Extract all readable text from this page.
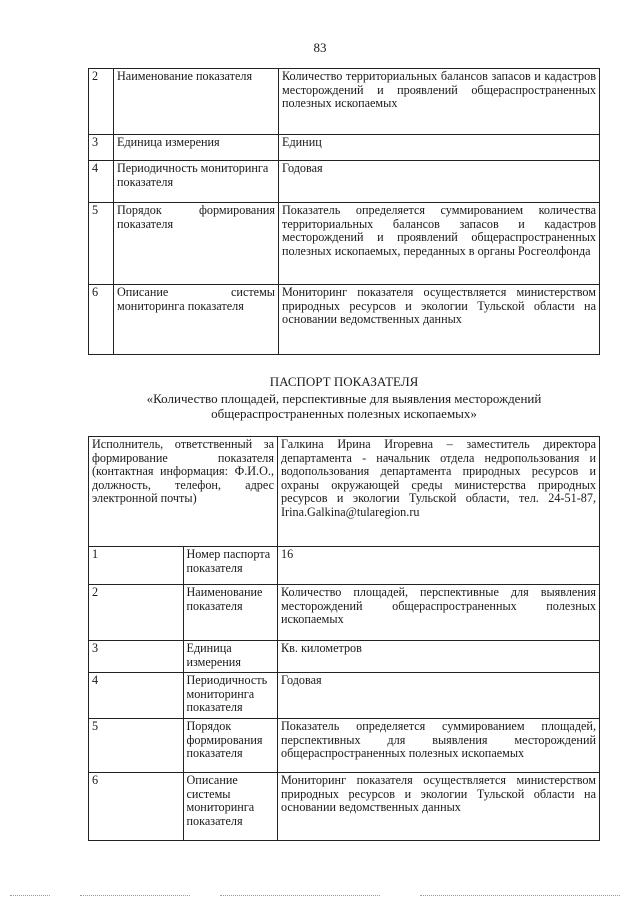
83
2	Наименование показателя	Количество территориальных балансов запасов и кадастров месторождений и проявлений общераспространенных полезных ископаемых
3	Единица измерения	Единиц
4	Периодичность мониторинга показателя	Годовая
5	Порядок формирования показателя	Показатель определяется суммированием количества территориальных балансов запасов и кадастров месторождений и проявлений общераспространенных полезных ископаемых, переданных в органы Росгеолфонда
6	Описание системы мониторинга показателя	Мониторинг показателя осуществляется министерством природных ресурсов и экологии Тульской области на основании ведомственных данных
ПАСПОРТ ПОКАЗАТЕЛЯ
«Количество площадей, перспективные для выявления месторождений
общераспространенных полезных ископаемых»
Исполнитель, ответственный за формирование показателя (контактная информация: Ф.И.О., должность, телефон, адрес электронной почты)		Галкина Ирина Игоревна – заместитель директора департамента - начальник отдела недропользования и водопользования департамента природных ресурсов и охраны окружающей среды министерства природных ресурсов и экологии Тульской области, тел. 24-51-87, Irina.Galkina@tularegion.ru
1	Номер паспорта показателя	16
2	Наименование показателя	Количество площадей, перспективные для выявления месторождений общераспространенных полезных ископаемых
3	Единица измерения	Кв. километров
4	Периодичность мониторинга показателя	Годовая
5	Порядок формирования показателя	Показатель определяется суммированием площадей, перспективных для выявления месторождений общераспространенных полезных ископаемых
6	Описание системы мониторинга показателя	Мониторинг показателя осуществляется министерством природных ресурсов и экологии Тульской области на основании ведомственных данных
